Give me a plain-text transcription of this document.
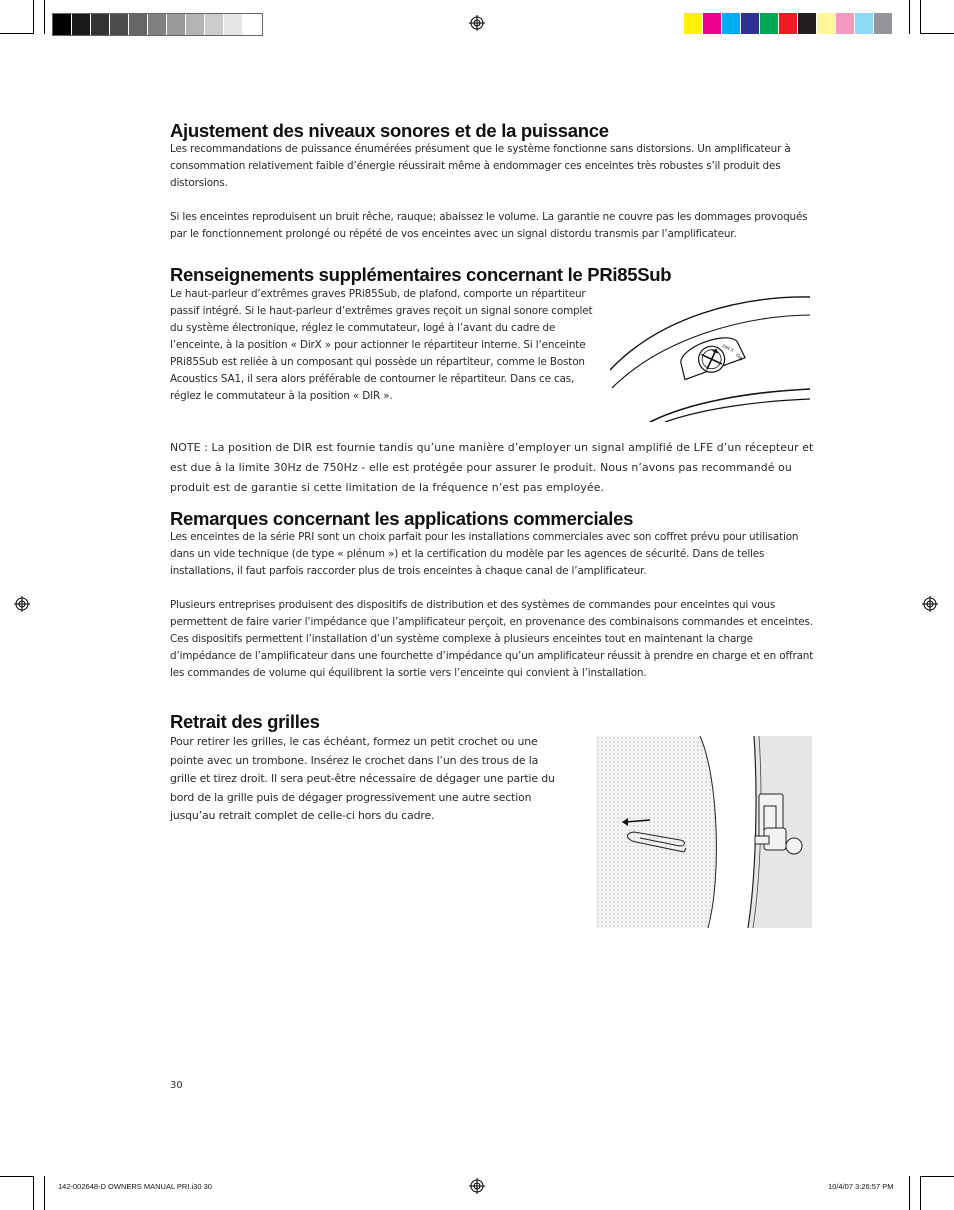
Ajustement des niveaux sonores et de la puissance

Les recommandations de puissance énumérées présument que le système fonctionne sans distorsions. Un amplificateur à consommation relativement faible d’énergie réussirait même à endommager ces enceintes très robustes s’il produit des distorsions.

Si les enceintes reproduisent un bruit rêche, rauque; abaissez le volume. La garantie ne couvre pas les dommages provoqués par le fonctionnement prolongé ou répété de vos enceintes avec un signal distordu transmis par l’amplificateur.

Renseignements supplémentaires concernant le PRi85Sub

Le haut-parleur d’extrêmes graves PRi85Sub, de plafond, comporte un répartiteur passif intégré. Si le haut-parleur d’extrêmes graves reçoit un signal sonore complet du système électronique, réglez le commutateur, logé à l’avant du cadre de l’enceinte, à la position « DirX » pour actionner le répartiteur interne. Si l’enceinte PRi85Sub est reliée à un composant qui possède un répartiteur, comme le Boston Acoustics SA1, il sera alors préférable de contourner le répartiteur. Dans ce cas, réglez le commutateur à la position « DIR ».

DIR X
DIR

NOTE : La position de DIR est fournie tandis qu’une manière d’employer un signal amplifié de LFE d’un récepteur et est due à la limite 30Hz de 750Hz - elle est protégée pour assurer le produit. Nous n’avons pas recommandé ou produit est de garantie si cette limitation de la fréquence n’est pas employée.

Remarques concernant les applications commerciales

Les enceintes de la série PRI sont un choix parfait pour les installations commerciales avec son coffret prévu pour utilisation dans un vide technique (de type « plénum ») et la certification du modèle par les agences de sécurité. Dans de telles installations, il faut parfois raccorder plus de trois enceintes à chaque canal de l’amplificateur.

Plusieurs entreprises produisent des dispositifs de distribution et des systèmes de commandes pour enceintes qui vous permettent de faire varier l’impédance que l’amplificateur perçoit, en provenance des combinaisons commandes et enceintes. Ces dispositifs permettent l’installation d’un système complexe à plusieurs enceintes tout en maintenant la charge d’impédance de l’amplificateur dans une fourchette d’impédance qu’un amplificateur réussit à prendre en charge et en offrant les commandes de volume qui équilibrent la sortie vers l’enceinte qui convient à l’installation.

Retrait des grilles

Pour retirer les grilles, le cas échéant, formez un petit crochet ou une pointe avec un trombone. Insérez le crochet dans l’un des trous de la grille et tirez droit. Il sera peut-être nécessaire de dégager une partie du bord de la grille puis de dégager progressivement une autre section jusqu’au retrait complet de celle-ci hors du cadre.

30
142-002648-D OWNERS MANUAL PRI.i30 30	10/4/07 3:26:57 PM
